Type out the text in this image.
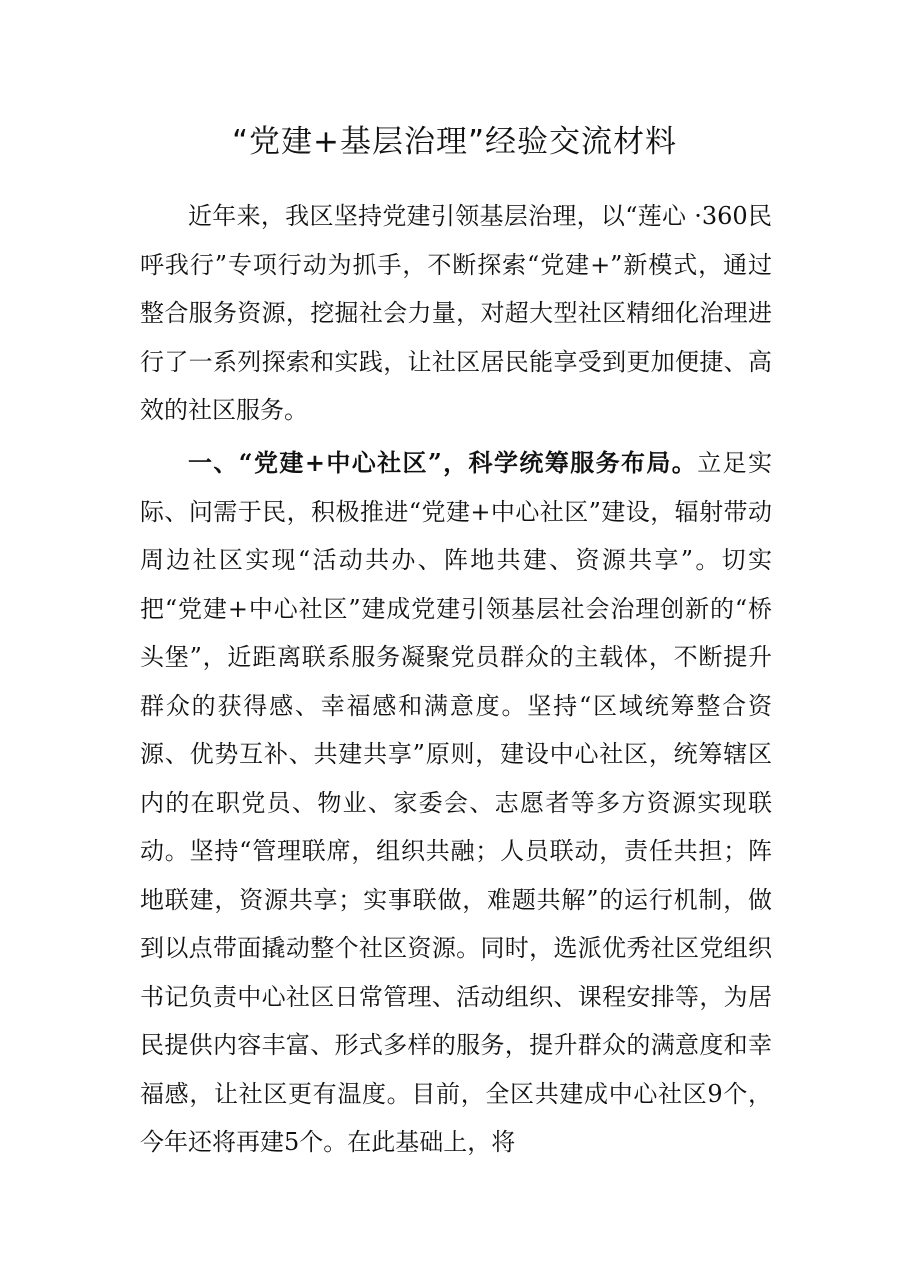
“党建+基层治理”经验交流材料

近年来，我区坚持党建引领基层治理，以“莲心 ·360民呼我行”专项行动为抓手，不断探索“党建+”新模式，通过整合服务资源，挖掘社会力量，对超大型社区精细化治理进行了一系列探索和实践，让社区居民能享受到更加便捷、高效的社区服务。

一、“党建+中心社区”，科学统筹服务布局。立足实际、问需于民，积极推进“党建+中心社区”建设，辐射带动周边社区实现“活动共办、阵地共建、资源共享”。切实把“党建+中心社区”建成党建引领基层社会治理创新的“桥头堡”，近距离联系服务凝聚党员群众的主载体，不断提升群众的获得感、幸福感和满意度。坚持“区域统筹整合资源、优势互补、共建共享”原则，建设中心社区，统筹辖区内的在职党员、物业、家委会、志愿者等多方资源实现联动。坚持“管理联席，组织共融；人员联动，责任共担；阵地联建，资源共享；实事联做，难题共解”的运行机制，做到以点带面撬动整个社区资源。同时，选派优秀社区党组织书记负责中心社区日常管理、活动组织、课程安排等，为居民提供内容丰富、形式多样的服务，提升群众的满意度和幸福感，让社区更有温度。目前，全区共建成中心社区9个，今年还将再建5个。在此基础上，将
